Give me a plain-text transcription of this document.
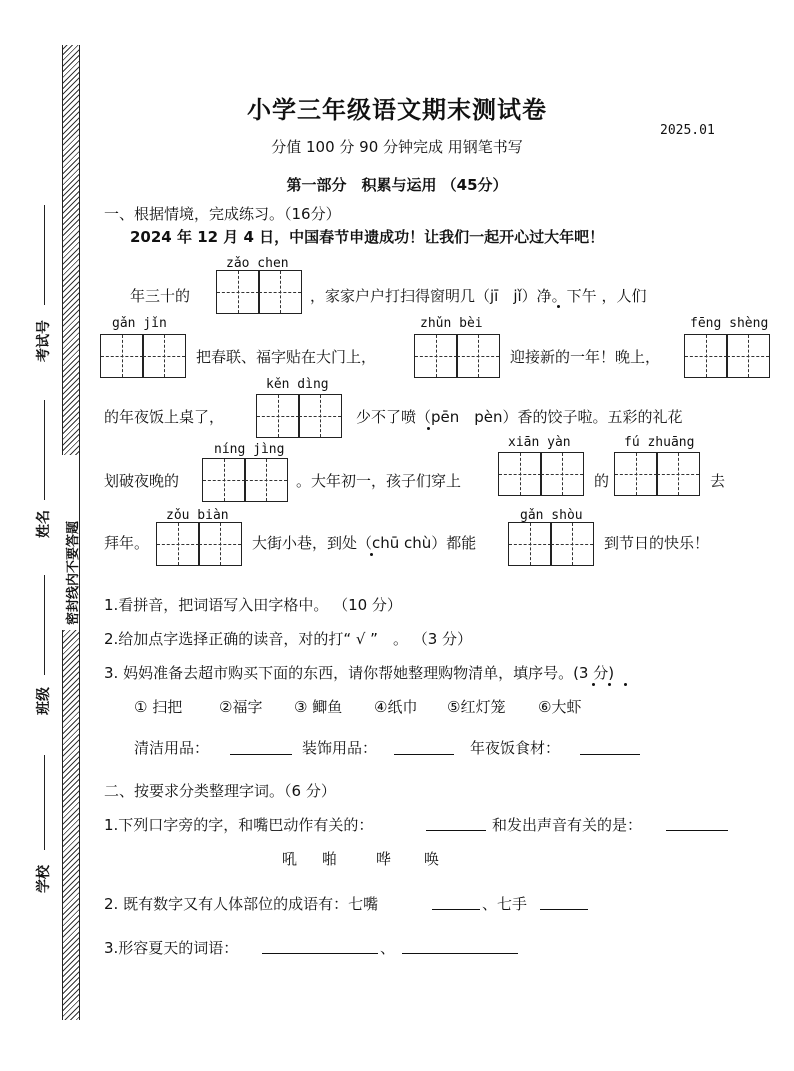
密封线内不要答题
考试号
姓名
班级
学校
小学三年级语文期末测试卷
2025.01
分值 100 分 90 分钟完成 用钢笔书写
第一部分　积累与运用 （45分）
一、根据情境，完成练习。（16分）
2024 年 12 月 4 日，中国春节申遗成功！让我们一起开心过大年吧！
zǎo chen
年三十的	，家家户户打扫得窗明几（jī　jǐ）净。下午 ，人们
gǎn jǐn
把春联、福字贴在大门上，
zhǔn bèi
迎接新的一年！晚上，
fēng shèng
kěn dìng
的年夜饭上桌了，	少不了喷（pēn　pèn）香的饺子啦。五彩的礼花
níng jìng
划破夜晚的	。大年初一，孩子们穿上
xiān yàn
的
fú zhuāng
去
zǒu biàn
拜年。	大街小巷，到处（chū chù）都能
gǎn shòu
到节日的快乐！
1.看拼音，把词语写入田字格中。 （10 分）
2.给加点字选择正确的读音，对的打“ √ ”　。 （3 分）
3. 妈妈准备去超市购买下面的东西，请你帮她整理购物清单，填序号。(3 分)
① 扫把 ②福字 ③ 鲫鱼 ④纸巾 ⑤红灯笼 ⑥大虾
清洁用品：	装饰用品：	年夜饭食材：
二、按要求分类整理字词。（6 分）
1.下列口字旁的字，和嘴巴动作有关的：	和发出声音有关的是：
吼 啪	哗 唤
2. 既有数字又有人体部位的成语有：七嘴	、七手
3.形容夏天的词语：	、
